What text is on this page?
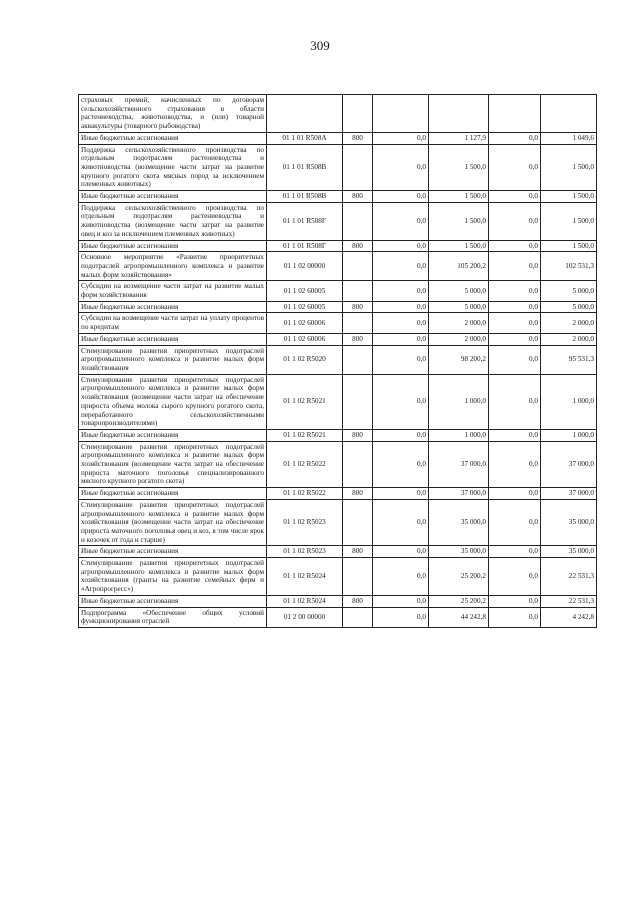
309
страховых премий, начисленных по договорам сельскохозяйственного страхования в области растениеводства, животноводства, и (или) товарной аквакультуры (товарного рыбоводства)						
Иные бюджетные ассигнования	01 1 01 R508А	800	0,0	1 127,9	0,0	1 049,6
Поддержка сельскохозяйственного производства по отдельным подотраслям растениеводства и животноводства (возмещение части затрат на развитие крупного рогатого скота мясных пород за исключением племенных животных)	01 1 01 R508В		0,0	1 500,0	0,0	1 500,0
Иные бюджетные ассигнования	01 1 01 R508В	800	0,0	1 500,0	0,0	1 500,0
Поддержка сельскохозяйственного производства по отдельным подотраслям растениеводства и животноводства (возмещение части затрат на развитие овец и коз за исключением племенных животных)	01 1 01 R508Г		0,0	1 500,0	0,0	1 500,0
Иные бюджетные ассигнования	01 1 01 R508Г	800	0,0	1 500,0	0,0	1 500,0
Основное мероприятие «Развитие приоритетных подотраслей агропромышленного комплекса и развитие малых форм хозяйствования»	01 1 02 00000		0,0	105 200,2	0,0	102 531,3
Субсидии на возмещение части затрат на развитие малых форм хозяйствования	01 1 02 60005		0,0	5 000,0	0,0	5 000,0
Иные бюджетные ассигнования	01 1 02 60005	800	0,0	5 000,0	0,0	5 000,0
Субсидии на возмещение части затрат на уплату процентов по кредитам	01 1 02 60006		0,0	2 000,0	0,0	2 000,0
Иные бюджетные ассигнования	01 1 02 60006	800	0,0	2 000,0	0,0	2 000,0
Стимулирование развития приоритетных подотраслей агропромышленного комплекса и развитие малых форм хозяйствования	01 1 02 R5020		0,0	98 200,2	0,0	95 531,3
Стимулирование развития приоритетных подотраслей агропромышленного комплекса и развитие малых форм хозяйствования (возмещение части затрат на обеспечение прироста объема молока сырого крупного рогатого скота, переработанного сельскохозяйственными товаропроизводителями)	01 1 02 R5021		0,0	1 000,0	0,0	1 000,0
Иные бюджетные ассигнования	01 1 02 R5021	800	0,0	1 000,0	0,0	1 000,0
Стимулирование развития приоритетных подотраслей агропромышленного комплекса и развитие малых форм хозяйствования (возмещение части затрат на обеспечение прироста маточного поголовья специализированного мясного крупного рогатого скота)	01 1 02 R5022		0,0	37 000,0	0,0	37 000,0
Иные бюджетные ассигнования	01 1 02 R5022	800	0,0	37 000,0	0,0	37 000,0
Стимулирование развития приоритетных подотраслей агропромышленного комплекса и развитие малых форм хозяйствования (возмещение части затрат на обеспечение прироста маточного поголовья овец и коз, в том числе ярок и козочек от года и старше)	01 1 02 R5023		0,0	35 000,0	0,0	35 000,0
Иные бюджетные ассигнования	01 1 02 R5023	800	0,0	35 000,0	0,0	35 000,0
Стимулирование развития приоритетных подотраслей агропромышленного комплекса и развитие малых форм хозяйствования (гранты на развитие семейных ферм и «Агропрогресс»)	01 1 02 R5024		0,0	25 200,2	0,0	22 531,3
Иные бюджетные ассигнования	01 1 02 R5024	800	0,0	25 200,2	0,0	22 531,3
Подпрограмма «Обеспечение общих условий функционирования отраслей	01 2 00 00000		0,0	44 242,8	0,0	4 242,8
